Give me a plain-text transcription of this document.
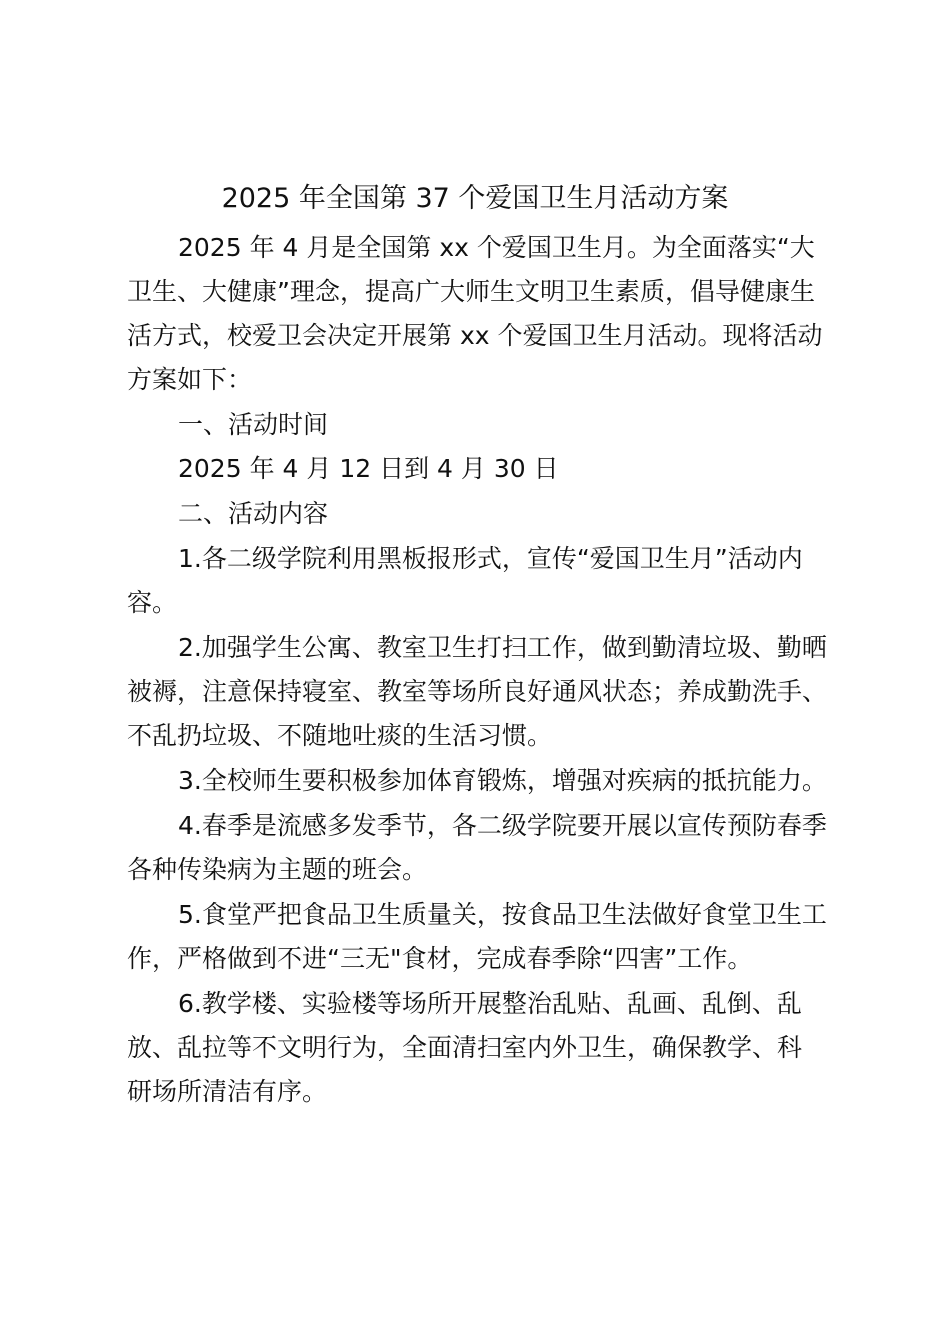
2025 年全国第 37 个爱国卫生月活动方案

2025 年 4 月是全国第 xx 个爱国卫生月。为全面落实“大

卫生、大健康”理念，提高广大师生文明卫生素质，倡导健康生

活方式，校爱卫会决定开展第 xx 个爱国卫生月活动。现将活动

方案如下：

一、活动时间

2025 年 4 月 12 日到 4 月 30 日

二、活动内容

1.各二级学院利用黑板报形式，宣传“爱国卫生月”活动内

容。

2.加强学生公寓、教室卫生打扫工作，做到勤清垃圾、勤晒

被褥，注意保持寝室、教室等场所良好通风状态；养成勤洗手、

不乱扔垃圾、不随地吐痰的生活习惯。

3.全校师生要积极参加体育锻炼，增强对疾病的抵抗能力。

4.春季是流感多发季节，各二级学院要开展以宣传预防春季

各种传染病为主题的班会。

5.食堂严把食品卫生质量关，按食品卫生法做好食堂卫生工

作，严格做到不进“三无"食材，完成春季除“四害”工作。

6.教学楼、实验楼等场所开展整治乱贴、乱画、乱倒、乱

放、乱拉等不文明行为，全面清扫室内外卫生，确保教学、科

研场所清洁有序。
